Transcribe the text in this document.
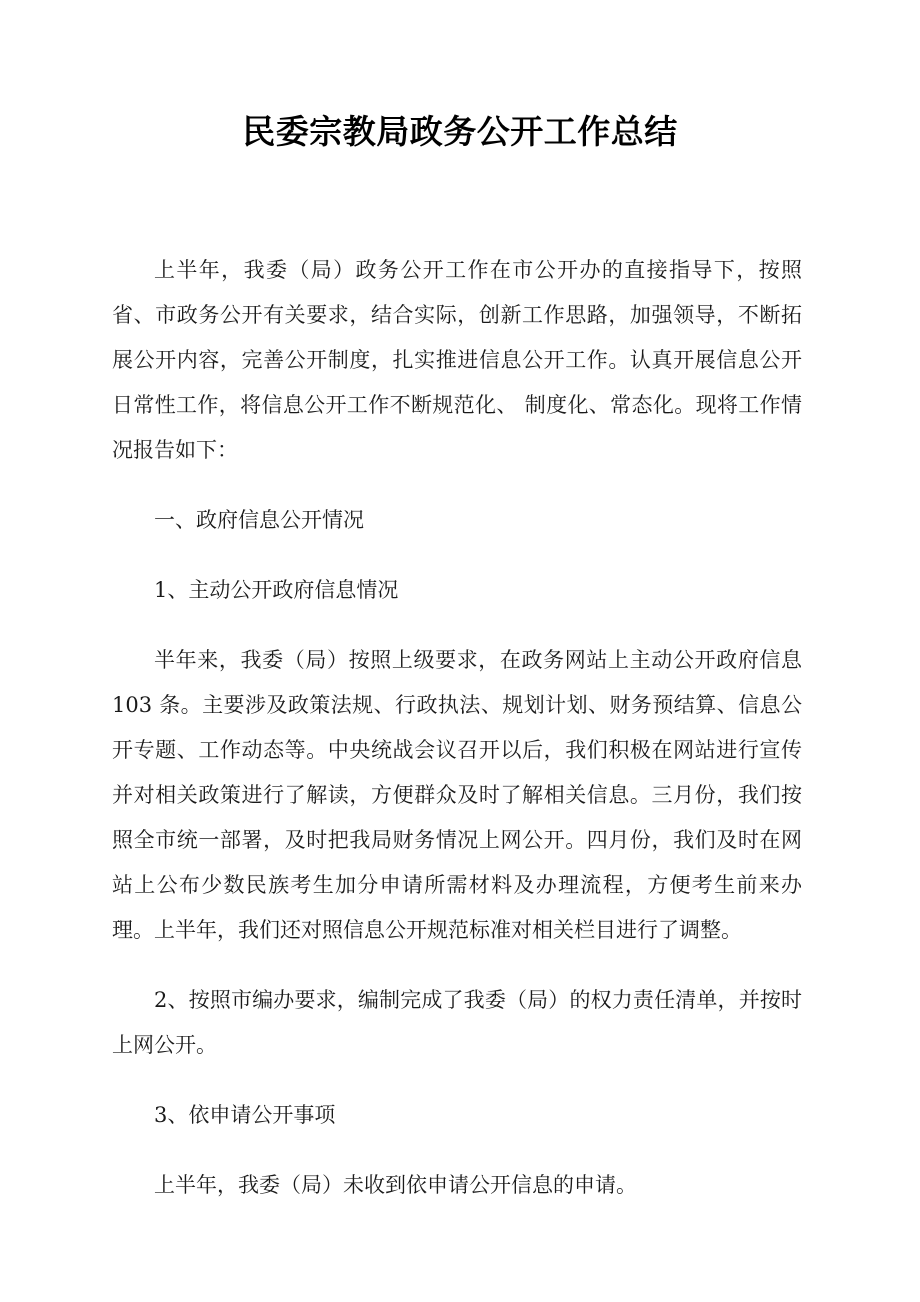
民委宗教局政务公开工作总结

上半年，我委（局）政务公开工作在市公开办的直接指导下，按照省、市政务公开有关要求，结合实际，创新工作思路，加强领导，不断拓展公开内容，完善公开制度，扎实推进信息公开工作。认真开展信息公开日常性工作，将信息公开工作不断规范化、 制度化、常态化。现将工作情况报告如下：

一、政府信息公开情况

1、主动公开政府信息情况

半年来，我委（局）按照上级要求，在政务网站上主动公开政府信息 103 条。主要涉及政策法规、行政执法、规划计划、财务预结算、信息公开专题、工作动态等。中央统战会议召开以后，我们积极在网站进行宣传并对相关政策进行了解读，方便群众及时了解相关信息。三月份，我们按照全市统一部署，及时把我局财务情况上网公开。四月份，我们及时在网站上公布少数民族考生加分申请所需材料及办理流程，方便考生前来办理。上半年，我们还对照信息公开规范标准对相关栏目进行了调整。

2、按照市编办要求，编制完成了我委（局）的权力责任清单，并按时上网公开。

3、依申请公开事项

上半年，我委（局）未收到依申请公开信息的申请。
